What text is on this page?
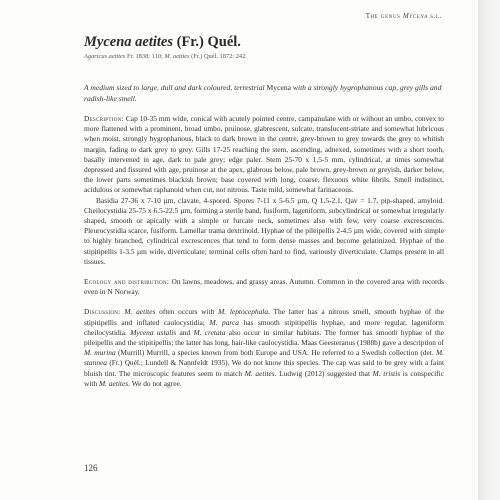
The genus Mycena s.l.
Mycena aetites (Fr.) Quél.

Agaricus aetites Fr. 1838: 110; M. aetites (Fr.) Quél. 1872: 242.

A medium sized to large, dull and dark coloured, terrestrial Mycena with a strongly hygrophanous cap, grey gills and radish-like smell.

Description: Cap 10-35 mm wide, conical with acutely pointed centre, campanulate with or without an umbo, convex to more flattened with a prominent, broad umbo, pruinose, glabrescent, sulcate, translucent-striate and somewhat lubricous when moist, strongly hygrophanous, black to dark brown in the centre, grey-brown to grey towards the grey to whitish margin, fading to dark grey to grey. Gills 17-25 reaching the stem, ascending, adnexed, sometimes with a short tooth, basally intervened in age, dark to pale grey; edge paler. Stem 25-70 x 1.5-5 mm, cylindrical, at times somewhat depressed and fissured with age, pruinose at the apex, glabrous below, pale brown, grey-brown or greyish, darker below, the lower parts sometimes blackish brown; base covered with long, coarse, flexuous white fibrils. Smell indistinct, acidulous or somewhat raphanoid when cut, not nitrous. Taste mild, somewhat farinaceous.

Basidia 27-36 x 7-10 µm, clavate, 4-spored. Spores 7-11 x 5-6.5 µm, Q 1.5-2.1, Qav = 1.7, pip-shaped, amyloid. Cheilocystidia 25-75 x 6.5-22.5 µm, forming a sterile band, fusiform, lageniform, subcylindrical or somewhat irregularly shaped, smooth or apically with a simple or furcate neck, sometimes also with few, very coarse excrescences. Pleurocystidia scarce, fusiform. Lamellar trama dextrinoid. Hyphae of the pileipellis 2-4.5 µm wide, covered with simple to highly branched, cylindrical excrescences that tend to form dense masses and become gelatinized. Hyphae of the stipitipellis 1-3.5 µm wide, diverticulate; terminal cells often hard to find, variously diverticulate. Clamps present in all tissues.

Ecology and distribution: On lawns, meadows, and grassy areas. Autumn. Common in the covered area with records even in N Norway.

Discussion: M. aetites often occurs with M. leptocephala. The latter has a nitrous smell, smooth hyphae of the stipitipellis and inflated caulocystidia; M. parca has smooth stipitipellis hyphae, and more regular, lageniform cheilocystidia. Mycena ustalis and M. cretata also occur in similar habitats. The former has smooth hyphae of the pileipellis and the stipitipellis; the latter has long, hair-like caulocystidia. Maas Geesteranus (1988b) gave a description of M. murina (Murrill) Murrill, a species known from both Europe and USA. He referred to a Swedish collection (det. M. stannea (Fr.) Quél.; Lundell & Nannfeldt 1935). We do not know this species. The cap was said to be grey with a faint bluish tint. The microscopic features seem to match M. aetites. Ludwig (2012) suggested that M. tristis is conspecific with M. aetites. We do not agree.

126
